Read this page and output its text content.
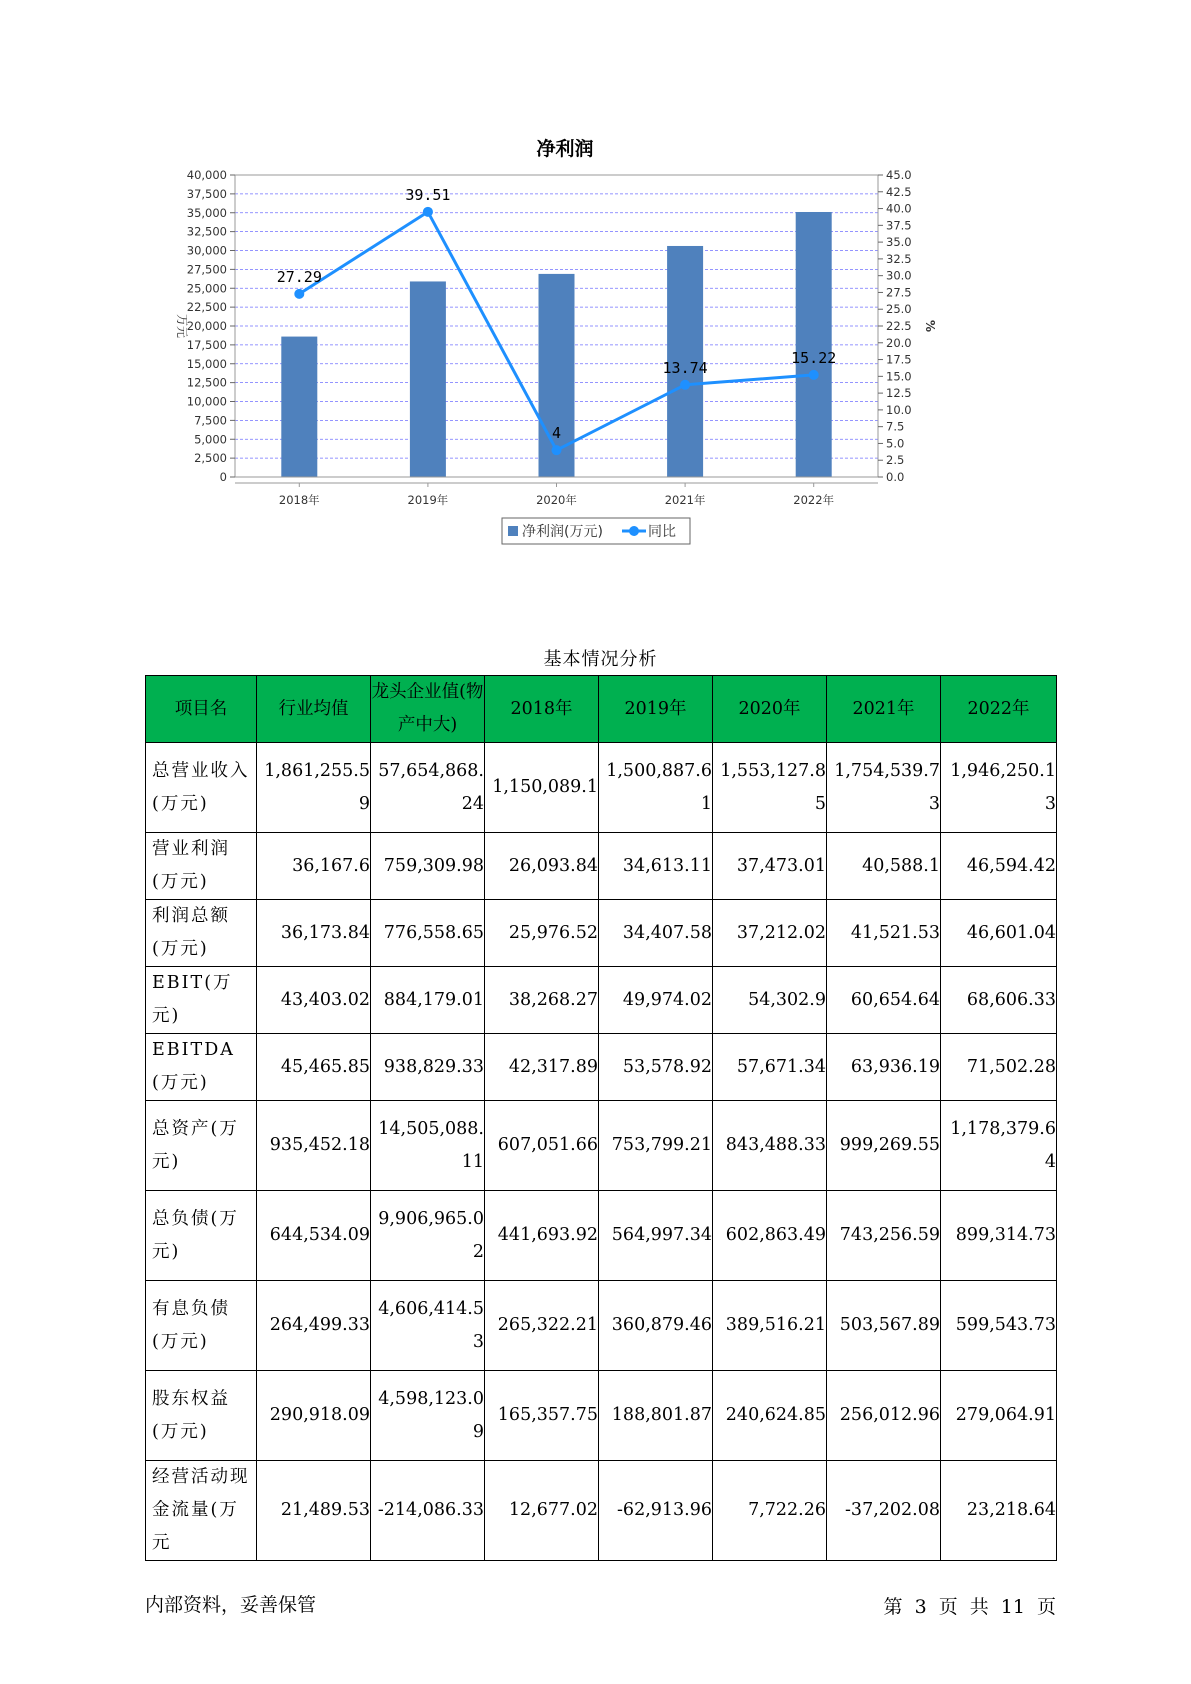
净利润
0
2,500
5,000
7,500
10,000
12,500
15,000
17,500
20,000
22,500
25,000
27,500
30,000
32,500
35,000
37,500
40,000
0.0
2.5
5.0
7.5
10.0
12.5
15.0
17.5
20.0
22.5
25.0
27.5
30.0
32.5
35.0
37.5
40.0
42.5
45.0
万元	%
2018年	2019年	2020年	2021年	2022年
27.29
39.51
4
13.74
15.22
净利润(万元)	同比
基本情况分析
项目名	行业均值	龙头企业值(物产中大)	2018年	2019年	2020年	2021年	2022年
总营业收入(万元)	1,861,255.59	57,654,868.24	1,150,089.1	1,500,887.61	1,553,127.85	1,754,539.73	1,946,250.13
营业利润(万元)	36,167.6	759,309.98	26,093.84	34,613.11	37,473.01	40,588.1	46,594.42
利润总额(万元)	36,173.84	776,558.65	25,976.52	34,407.58	37,212.02	41,521.53	46,601.04
EBIT(万元)	43,403.02	884,179.01	38,268.27	49,974.02	54,302.9	60,654.64	68,606.33
EBITDA(万元)	45,465.85	938,829.33	42,317.89	53,578.92	57,671.34	63,936.19	71,502.28
总资产(万元)	935,452.18	14,505,088.11	607,051.66	753,799.21	843,488.33	999,269.55	1,178,379.64
总负债(万元)	644,534.09	9,906,965.02	441,693.92	564,997.34	602,863.49	743,256.59	899,314.73
有息负债(万元)	264,499.33	4,606,414.53	265,322.21	360,879.46	389,516.21	503,567.89	599,543.73
股东权益(万元)	290,918.09	4,598,123.09	165,357.75	188,801.87	240,624.85	256,012.96	279,064.91
经营活动现金流量(万元	21,489.53	-214,086.33	12,677.02	-62,913.96	7,722.26	-37,202.08	23,218.64
内部资料，妥善保管	第 3 页 共 11 页
